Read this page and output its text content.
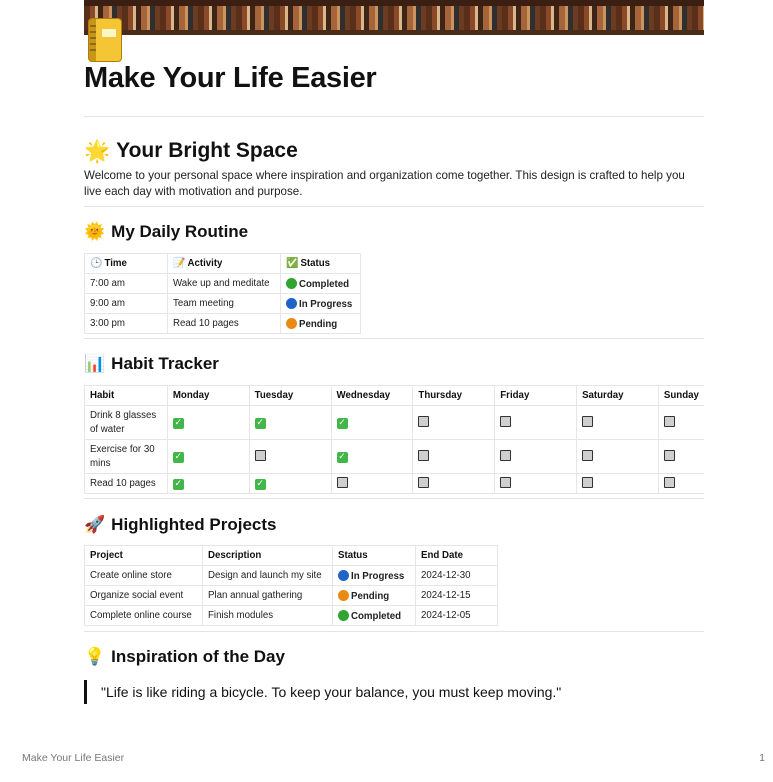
Make Your Life Easier
🌟 Your Bright Space
Welcome to your personal space where inspiration and organization come together. This design is crafted to help you live each day with motivation and purpose.
🌞 My Daily Routine
🕒 Time	📝 Activity	✅ Status
7:00 am	Wake up and meditate	Completed
9:00 am	Team meeting	In Progress
3:00 pm	Read 10 pages	Pending
📊 Habit Tracker
Habit	Monday	Tuesday	Wednesday	Thursday	Friday	Saturday	Sunday
Drink 8 glasses
of water	✓	✓	✓				
Exercise for 30
mins	✓		✓				
Read 10 pages	✓	✓					
🚀 Highlighted Projects
Project	Description	Status	End Date
Create online store	Design and launch my site	In Progress	2024-12-30
Organize social event	Plan annual gathering	Pending	2024-12-15
Complete online course	Finish modules	Completed	2024-12-05
💡 Inspiration of the Day
"Life is like riding a bicycle. To keep your balance, you must keep moving."
Make Your Life Easier	1
